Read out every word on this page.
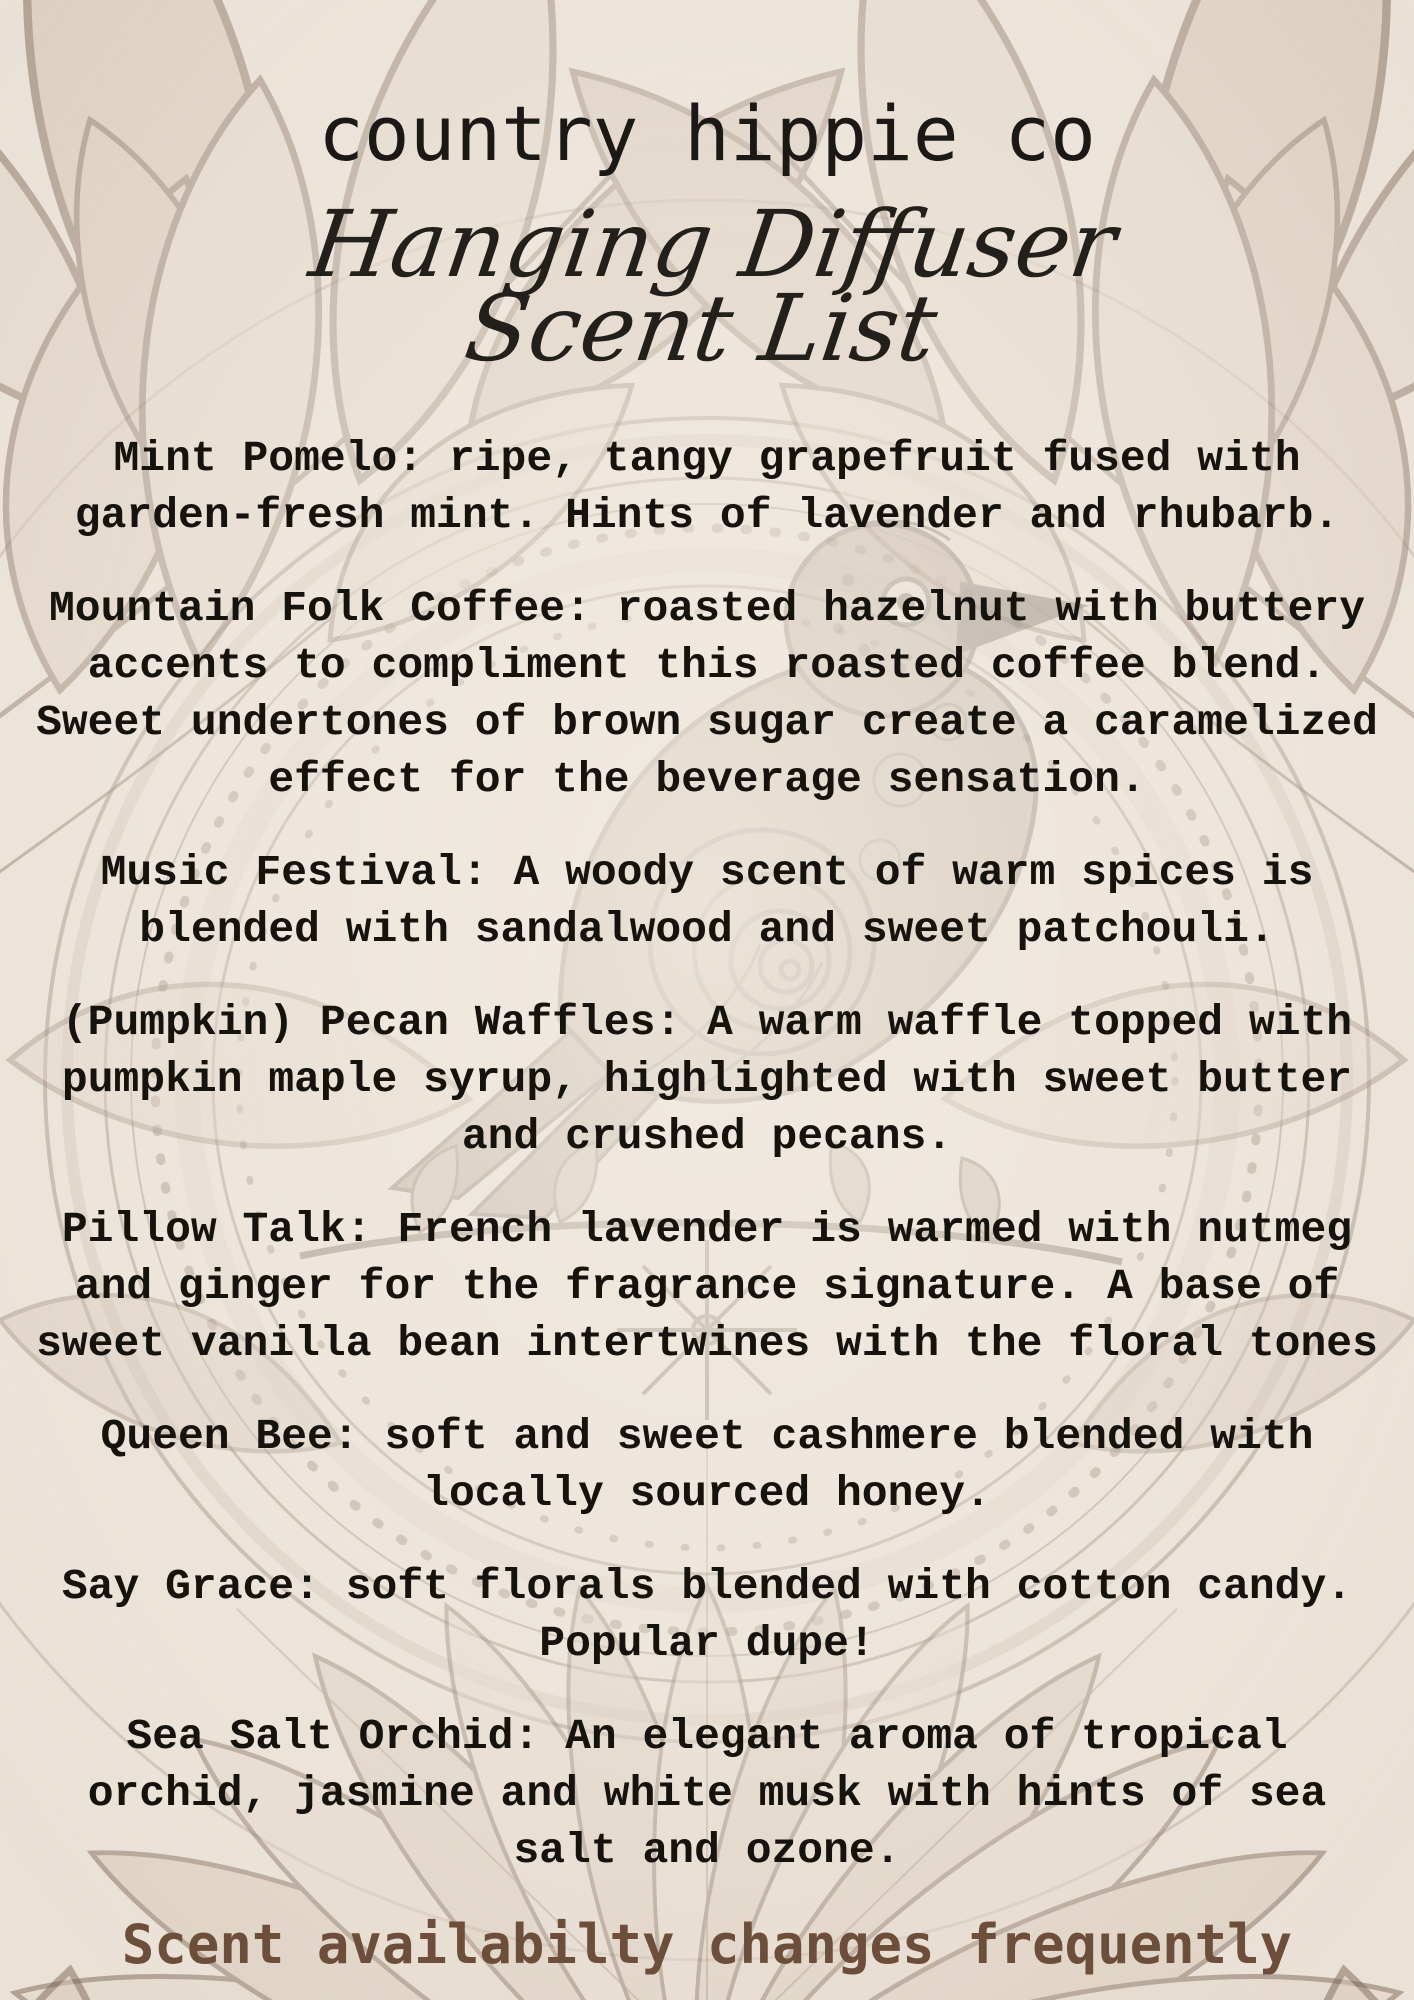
country hippie co
Hanging Diffuser
Scent List

Mint Pomelo: ripe, tangy grapefruit fused with garden-fresh mint. Hints of lavender and rhubarb.

Mountain Folk Coffee: roasted hazelnut with buttery accents to compliment this roasted coffee blend. Sweet undertones of brown sugar create a caramelized effect for the beverage sensation.

Music Festival: A woody scent of warm spices is blended with sandalwood and sweet patchouli.

(Pumpkin) Pecan Waffles: A warm waffle topped with pumpkin maple syrup, highlighted with sweet butter and crushed pecans.

Pillow Talk: French lavender is warmed with nutmeg and ginger for the fragrance signature. A base of sweet vanilla bean intertwines with the floral tones

Queen Bee: soft and sweet cashmere blended with locally sourced honey.

Say Grace: soft florals blended with cotton candy. Popular dupe!

Sea Salt Orchid: An elegant aroma of tropical orchid, jasmine and white musk with hints of sea salt and ozone.

Scent availabilty changes frequently
